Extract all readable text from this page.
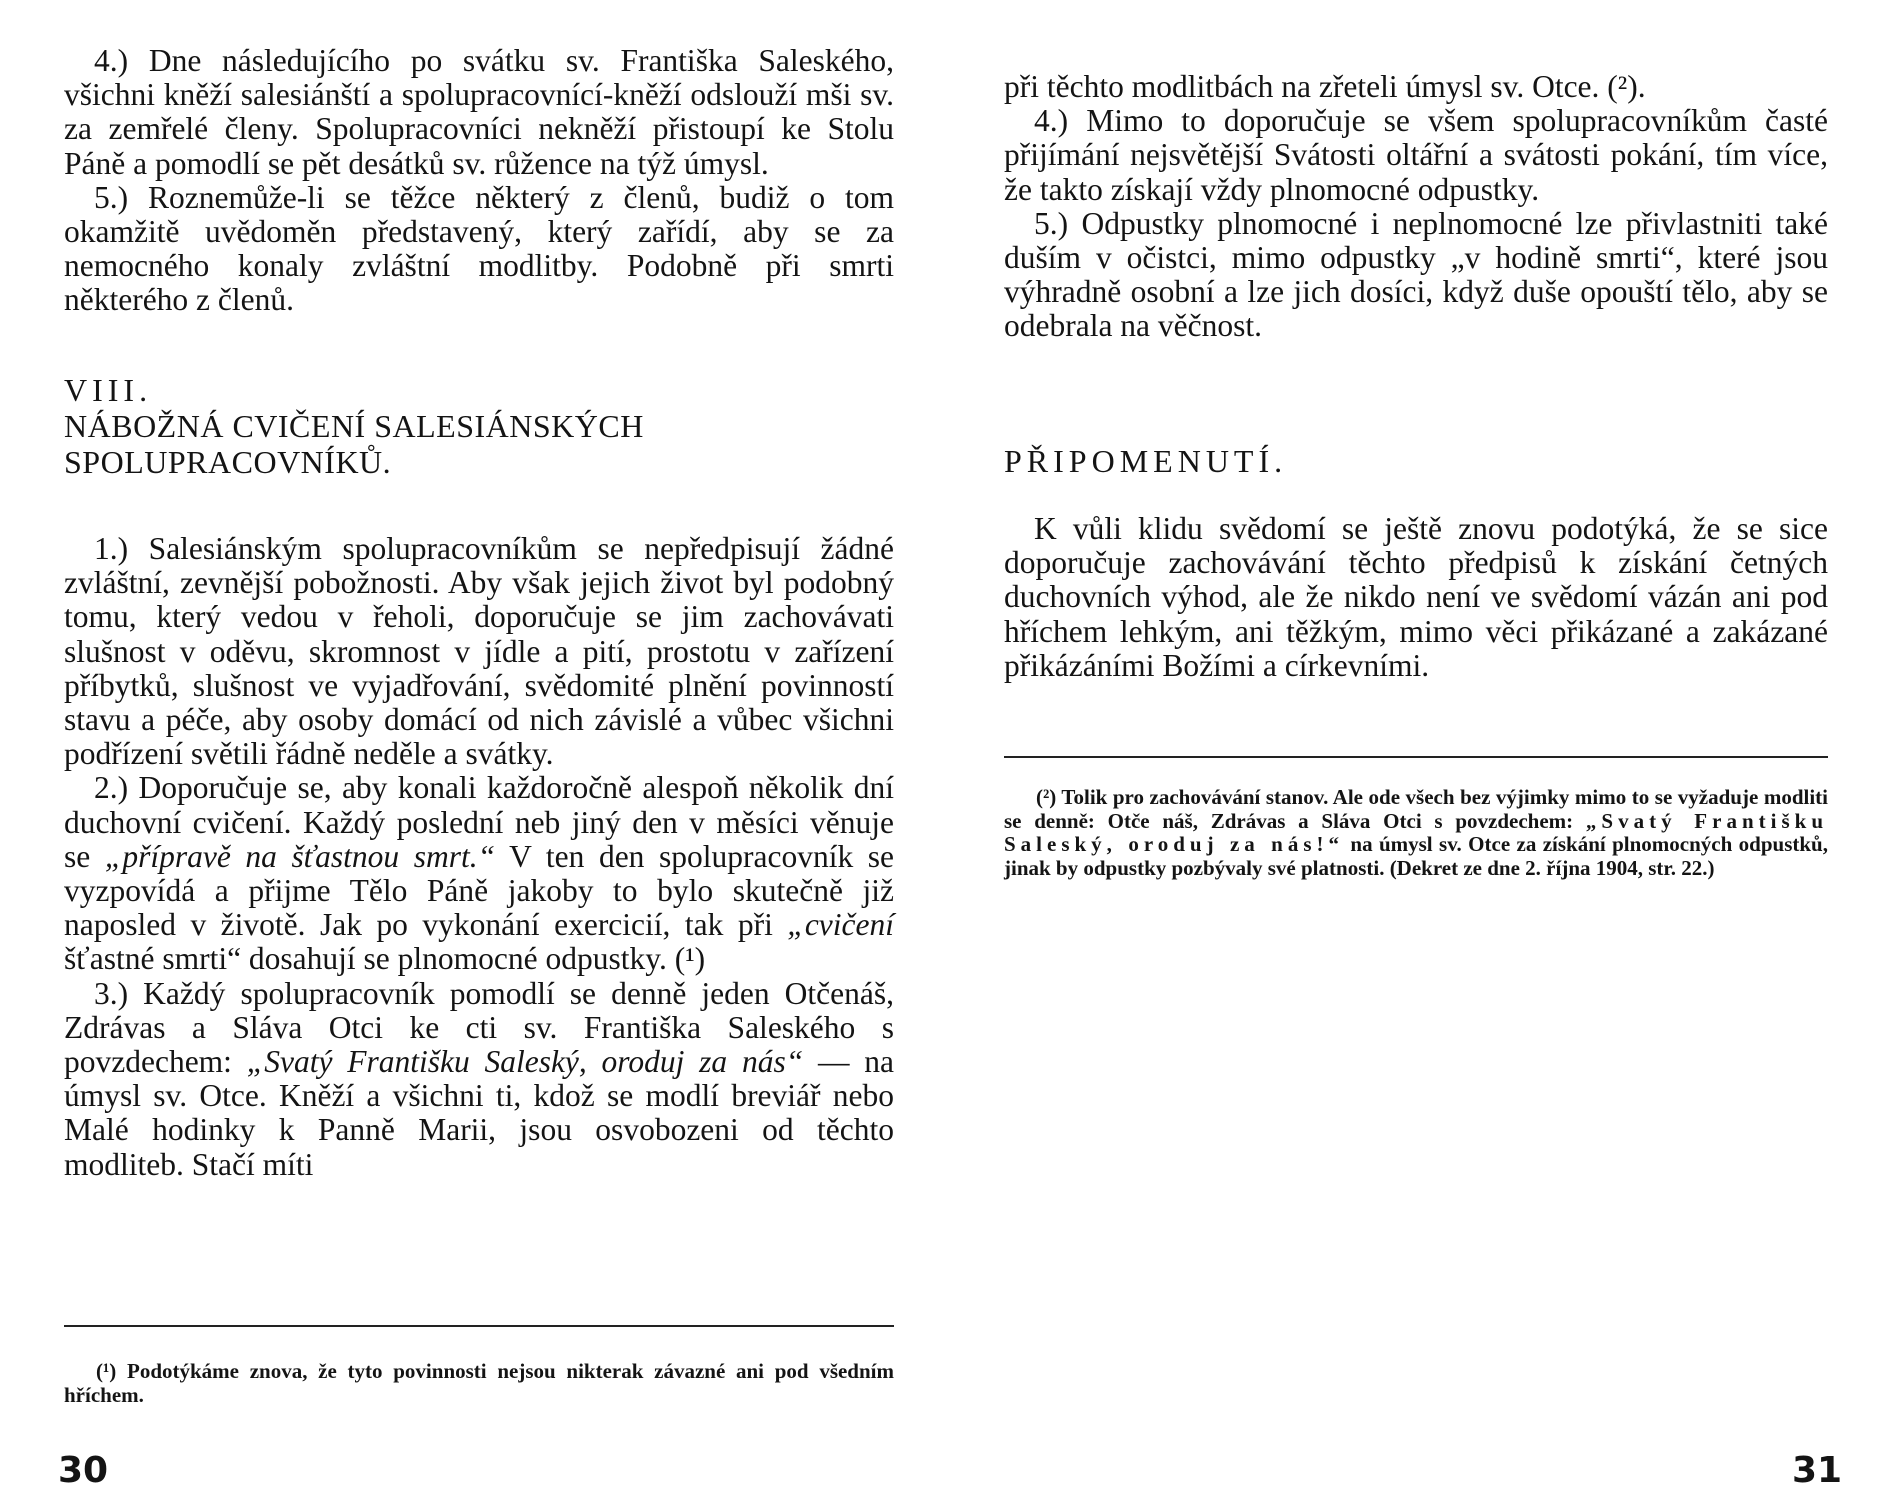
4.) Dne následujícího po svátku sv. Františka Saleského, všichni kněží salesiánští a spolupracovnící-kněží odslouží mši sv. za zemřelé členy. Spolupracovníci nekněží přistoupí ke Stolu Páně a pomodlí se pět desátků sv. růžence na týž úmysl.

5.) Roznemůže-li se těžce některý z členů, budiž o tom okamžitě uvědoměn představený, který zařídí, aby se za nemocného konaly zvláštní modlitby. Podobně při smrti některého z členů.

VIII.

NÁBOŽNÁ CVIČENÍ SALESIÁNSKÝCH

SPOLUPRACOVNÍKŮ.

1.) Salesiánským spolupracovníkům se nepředpisují žádné zvláštní, zevnější pobožnosti. Aby však jejich život byl podobný tomu, který vedou v řeholi, doporučuje se jim zachovávati slušnost v oděvu, skromnost v jídle a pití, prostotu v zařízení příbytků, slušnost ve vyjadřování, svědomité plnění povinností stavu a péče, aby osoby domácí od nich závislé a vůbec všichni podřízení světili řádně neděle a svátky.

2.) Doporučuje se, aby konali každoročně alespoň několik dní duchovní cvičení. Každý poslední neb jiný den v měsíci věnuje se „přípravě na šťastnou smrt.“ V ten den spolupracovník se vyzpovídá a přijme Tělo Páně jakoby to bylo skutečně již naposled v životě. Jak po vykonání exercicií, tak při „cvičení šťastné smrti“ dosahují se plnomocné odpustky. (¹)

3.) Každý spolupracovník pomodlí se denně jeden Otčenáš, Zdrávas a Sláva Otci ke cti sv. Františka Saleského s povzdechem: „Svatý Františku Saleský, oroduj za nás“ — na úmysl sv. Otce. Kněží a všichni ti, kdož se modlí breviář nebo Malé hodinky k Panně Marii, jsou osvobozeni od těchto modliteb. Stačí míti

(¹) Podotýkáme znova, že tyto povinnosti nejsou nikterak závazné ani pod všedním hříchem.

30

při těchto modlitbách na zřeteli úmysl sv. Otce. (²).

4.) Mimo to doporučuje se všem spolupracovníkům časté přijímání nejsvětější Svátosti oltářní a svátosti pokání, tím více, že takto získají vždy plnomocné odpustky.

5.) Odpustky plnomocné i neplnomocné lze přivlastniti také duším v očistci, mimo odpustky „v hodině smrti“, které jsou výhradně osobní a lze jich dosíci, když duše opouští tělo, aby se odebrala na věčnost.

PŘIPOMENUTÍ.

K vůli klidu svědomí se ještě znovu podotýká, že se sice doporučuje zachovávání těchto předpisů k získání četných duchovních výhod, ale že nikdo není ve svědomí vázán ani pod hříchem lehkým, ani těžkým, mimo věci přikázané a zakázané přikázáními Božími a církevními.

(²) Tolik pro zachovávání stanov. Ale ode všech bez výjimky mimo to se vyžaduje modliti se denně: Otče náš, Zdrávas a Sláva Otci s povzdechem: „Svatý Františku Saleský, oroduj za nás!“ na úmysl sv. Otce za získání plnomocných odpustků, jinak by odpustky pozbývaly své platnosti. (Dekret ze dne 2. října 1904, str. 22.)

31
